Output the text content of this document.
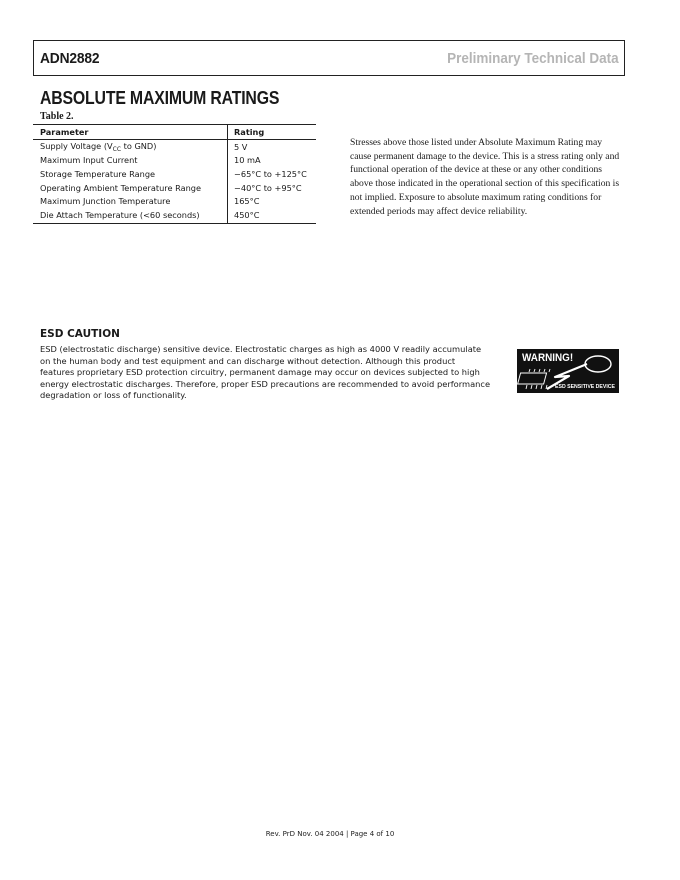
ADN2882	Preliminary Technical Data
ABSOLUTE MAXIMUM RATINGS
Table 2.
Parameter	Rating
Supply Voltage ($V_{CC}$ to GND)	5 V
Maximum Input Current	10 mA
Storage Temperature Range	−65°C to +125°C
Operating Ambient Temperature Range	−40°C to +95°C
Maximum Junction Temperature	165°C
Die Attach Temperature (<60 seconds)	450°C
Stresses above those listed under Absolute Maximum Rating may cause permanent damage to the device. This is a stress rating only and functional operation of the device at these or any other conditions above those indicated in the operational section of this specification is not implied. Exposure to absolute maximum rating conditions for extended periods may affect device reliability.
ESD CAUTION
ESD (electrostatic discharge) sensitive device. Electrostatic charges as high as 4000 V readily accumulate on the human body and test equipment and can discharge without detection. Although this product features proprietary ESD protection circuitry, permanent damage may occur on devices subjected to high energy electrostatic discharges. Therefore, proper ESD precautions are recommended to avoid performance degradation or loss of functionality.
WARNING!
ESD SENSITIVE DEVICE
Rev. PrD Nov. 04 2004 | Page 4 of 10
